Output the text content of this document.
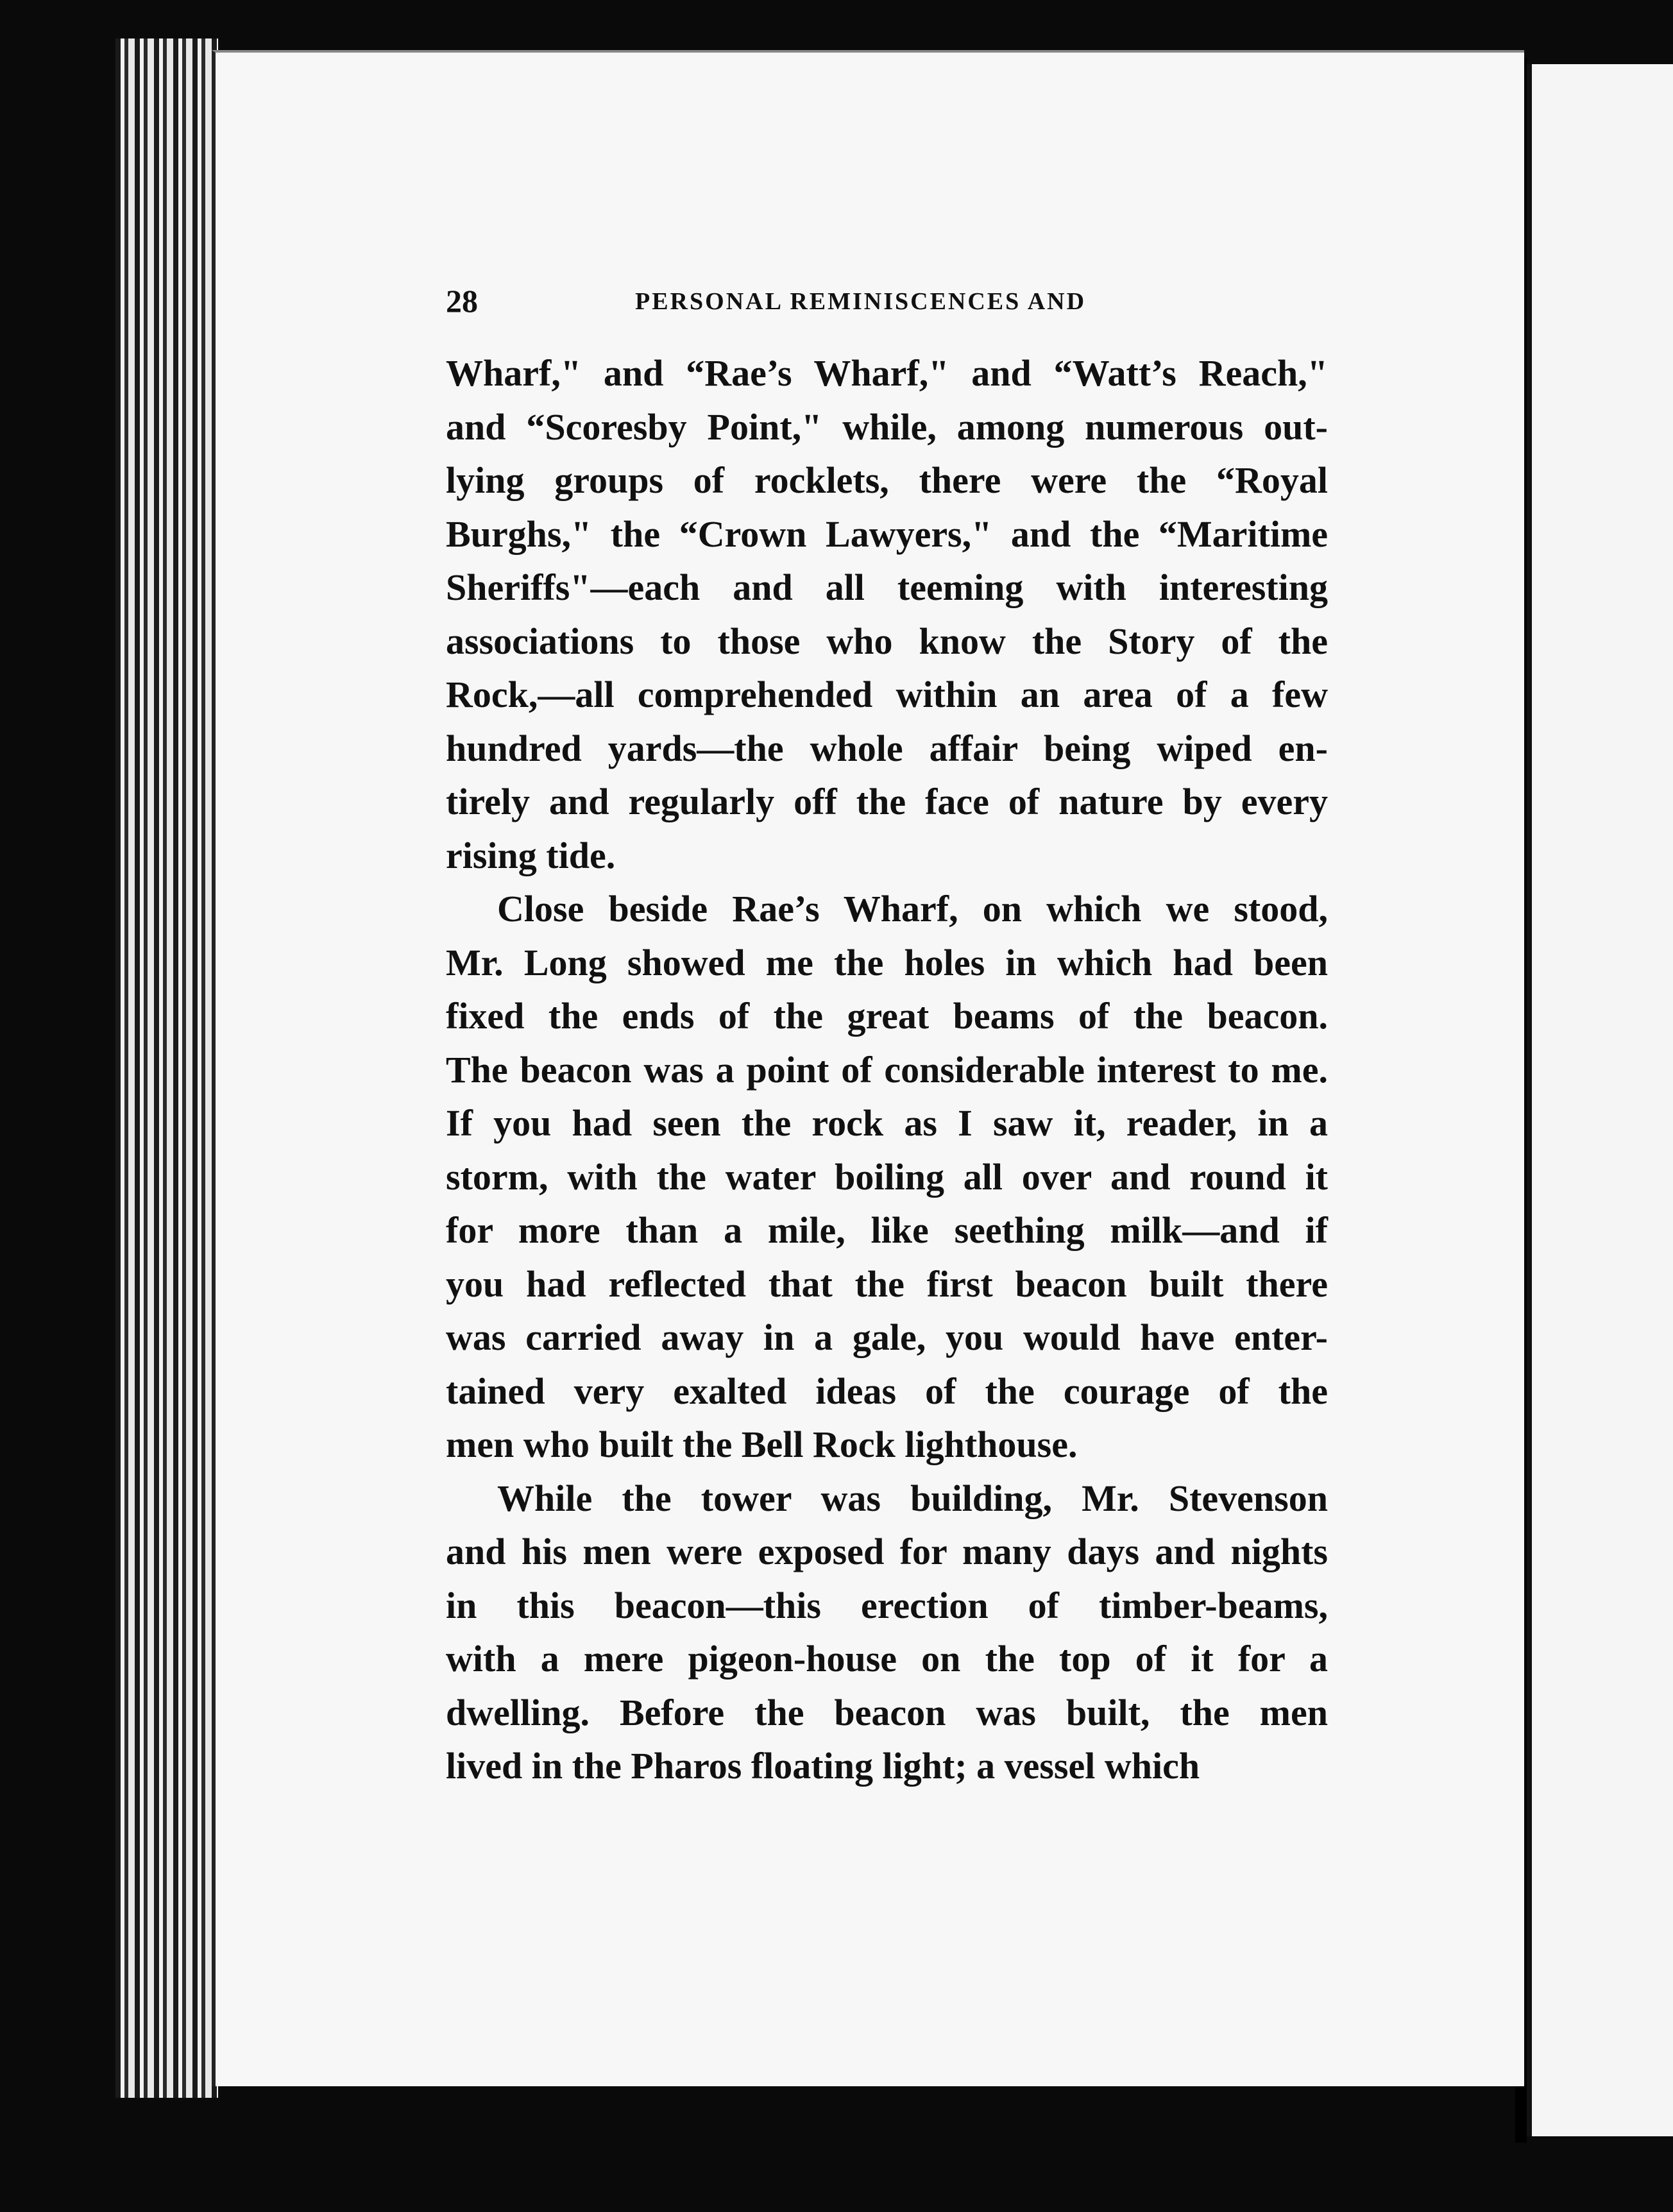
28	PERSONAL REMINISCENCES AND
Wharf," and “Rae’s Wharf," and “Watt’s Reach,"
and “Scoresby Point," while, among numerous out-
lying groups of rocklets, there were the “Royal
Burghs," the “Crown Lawyers," and the “Maritime
Sheriffs"—each and all teeming with interesting
associations to those who know the Story of the
Rock,—all comprehended within an area of a few
hundred yards—the whole affair being wiped en-
tirely and regularly off the face of nature by every
rising tide.
Close beside Rae’s Wharf, on which we stood,
Mr. Long showed me the holes in which had been
fixed the ends of the great beams of the beacon.
The beacon was a point of considerable interest to me.
If you had seen the rock as I saw it, reader, in a
storm, with the water boiling all over and round it
for more than a mile, like seething milk—and if
you had reflected that the first beacon built there
was carried away in a gale, you would have enter-
tained very exalted ideas of the courage of the
men who built the Bell Rock lighthouse.
While the tower was building, Mr. Stevenson
and his men were exposed for many days and nights
in this beacon—this erection of timber-beams,
with a mere pigeon-house on the top of it for a
dwelling. Before the beacon was built, the men
lived in the Pharos floating light; a vessel which
